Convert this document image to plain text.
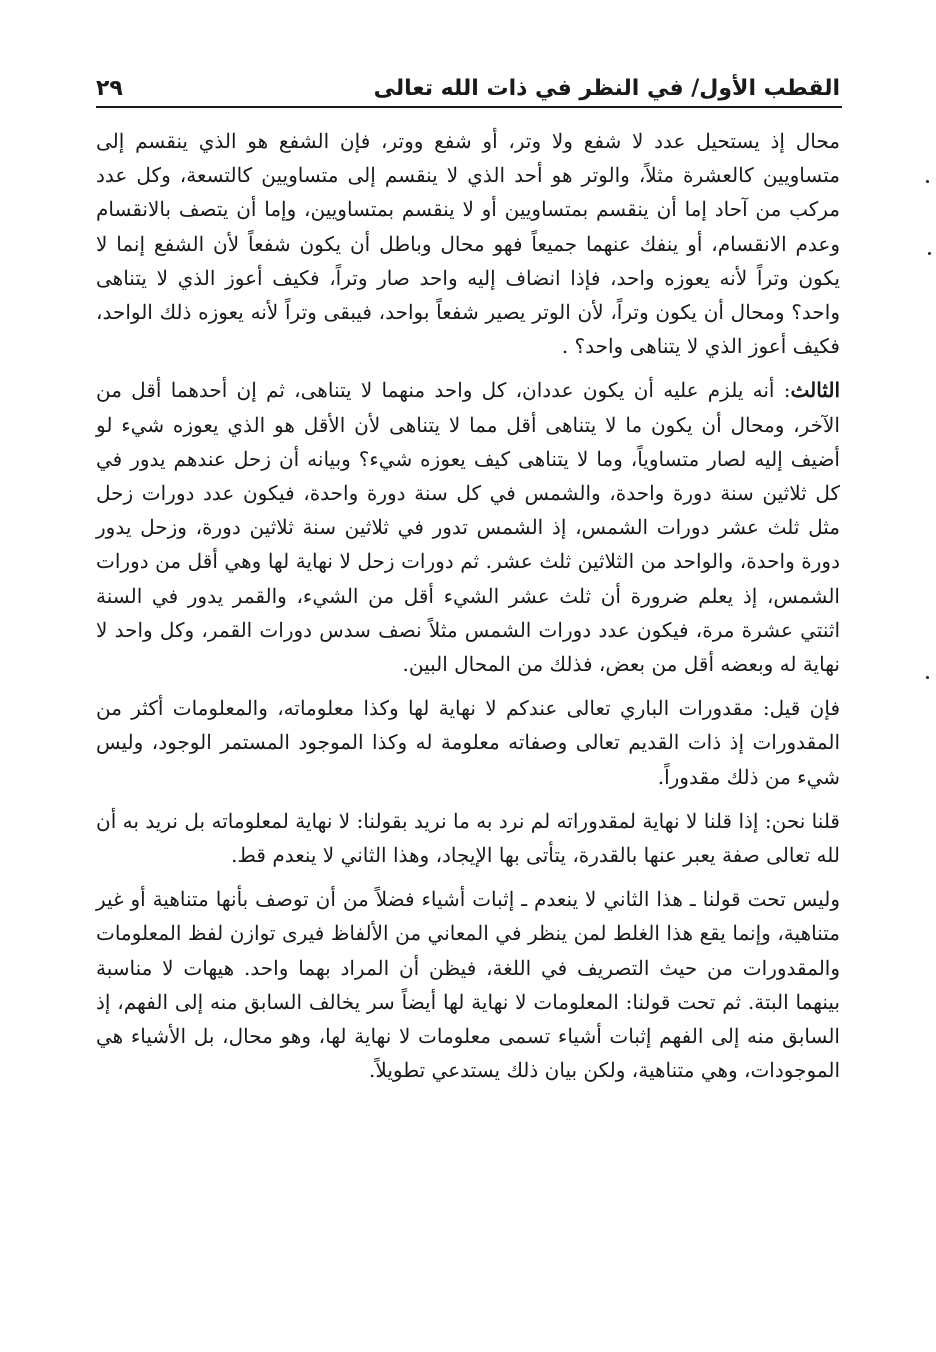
القطب الأول/ في النظر في ذات الله تعالى
٢٩

محال إذ يستحيل عدد لا شفع ولا وتر، أو شفع ووتر، فإن الشفع هو الذي ينقسم إلى متساويين كالعشرة مثلاً، والوتر هو أحد الذي لا ينقسم إلى متساويين كالتسعة، وكل عدد مركب من آحاد إما أن ينقسم بمتساويين أو لا ينقسم بمتساويين، وإما أن يتصف بالانقسام وعدم الانقسام، أو ينفك عنهما جميعاً فهو محال وباطل أن يكون شفعاً لأن الشفع إنما لا يكون وتراً لأنه يعوزه واحد، فإذا انضاف إليه واحد صار وتراً، فكيف أعوز الذي لا يتناهى واحد؟ ومحال أن يكون وتراً، لأن الوتر يصير شفعاً بواحد، فيبقى وتراً لأنه يعوزه ذلك الواحد، فكيف أعوز الذي لا يتناهى واحد؟ .

الثالث: أنه يلزم عليه أن يكون عددان، كل واحد منهما لا يتناهى، ثم إن أحدهما أقل من الآخر، ومحال أن يكون ما لا يتناهى أقل مما لا يتناهى لأن الأقل هو الذي يعوزه شيء لو أضيف إليه لصار متساوياً، وما لا يتناهى كيف يعوزه شيء؟ وبيانه أن زحل عندهم يدور في كل ثلاثين سنة دورة واحدة، والشمس في كل سنة دورة واحدة، فيكون عدد دورات زحل مثل ثلث عشر دورات الشمس، إذ الشمس تدور في ثلاثين سنة ثلاثين دورة، وزحل يدور دورة واحدة، والواحد من الثلاثين ثلث عشر. ثم دورات زحل لا نهاية لها وهي أقل من دورات الشمس، إذ يعلم ضرورة أن ثلث عشر الشيء أقل من الشيء، والقمر يدور في السنة اثنتي عشرة مرة، فيكون عدد دورات الشمس مثلاً نصف سدس دورات القمر، وكل واحد لا نهاية له وبعضه أقل من بعض، فذلك من المحال البين.

فإن قيل: مقدورات الباري تعالى عندكم لا نهاية لها وكذا معلوماته، والمعلومات أكثر من المقدورات إذ ذات القديم تعالى وصفاته معلومة له وكذا الموجود المستمر الوجود، وليس شيء من ذلك مقدوراً.

قلنا نحن: إذا قلنا لا نهاية لمقدوراته لم نرد به ما نريد بقولنا: لا نهاية لمعلوماته بل نريد به أن لله تعالى صفة يعبر عنها بالقدرة، يتأتى بها الإيجاد، وهذا الثاني لا ينعدم قط.

وليس تحت قولنا ـ هذا الثاني لا ينعدم ـ إثبات أشياء فضلاً من أن توصف بأنها متناهية أو غير متناهية، وإنما يقع هذا الغلط لمن ينظر في المعاني من الألفاظ فيرى توازن لفظ المعلومات والمقدورات من حيث التصريف في اللغة، فيظن أن المراد بهما واحد. هيهات لا مناسبة بينهما البتة. ثم تحت قولنا: المعلومات لا نهاية لها أيضاً سر يخالف السابق منه إلى الفهم، إذ السابق منه إلى الفهم إثبات أشياء تسمى معلومات لا نهاية لها، وهو محال، بل الأشياء هي الموجودات، وهي متناهية، ولكن بيان ذلك يستدعي تطويلاً.
